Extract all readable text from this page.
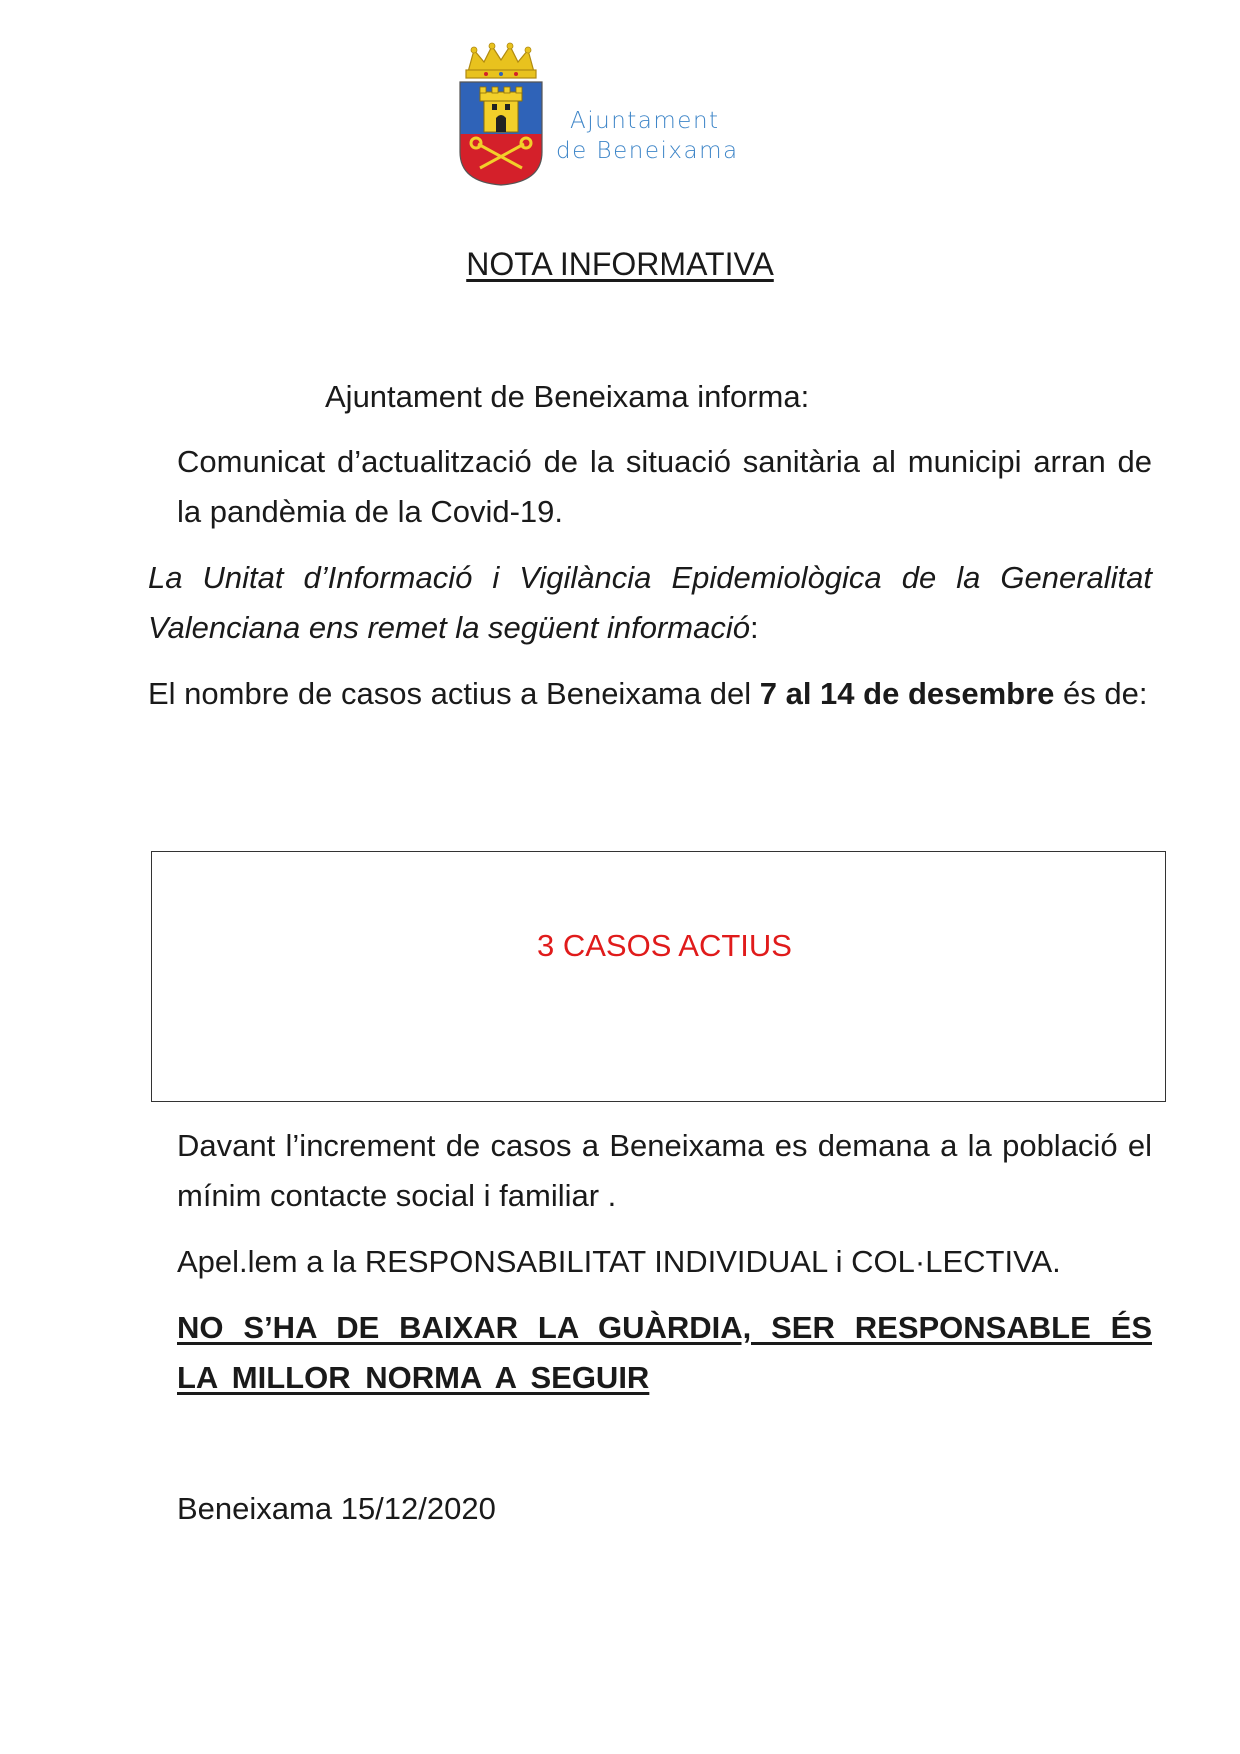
Ajuntament
de Beneixama
NOTA INFORMATIVA
Ajuntament de Beneixama informa:
Comunicat d’actualització de la situació sanitària al municipi arran de la pandèmia de la Covid-19.
La Unitat d’Informació i Vigilància Epidemiològica de la Generalitat Valenciana ens remet la següent informació:
El nombre de casos actius a Beneixama del 7 al 14 de desembre és de:
3 CASOS ACTIUS
Davant l’increment de casos a Beneixama es demana a la població el mínim contacte social i familiar .
Apel.lem a la RESPONSABILITAT INDIVIDUAL i COL·LECTIVA.
NO S’HA DE BAIXAR LA GUÀRDIA, SER RESPONSABLE ÉS LA MILLOR NORMA A SEGUIR
Beneixama 15/12/2020
